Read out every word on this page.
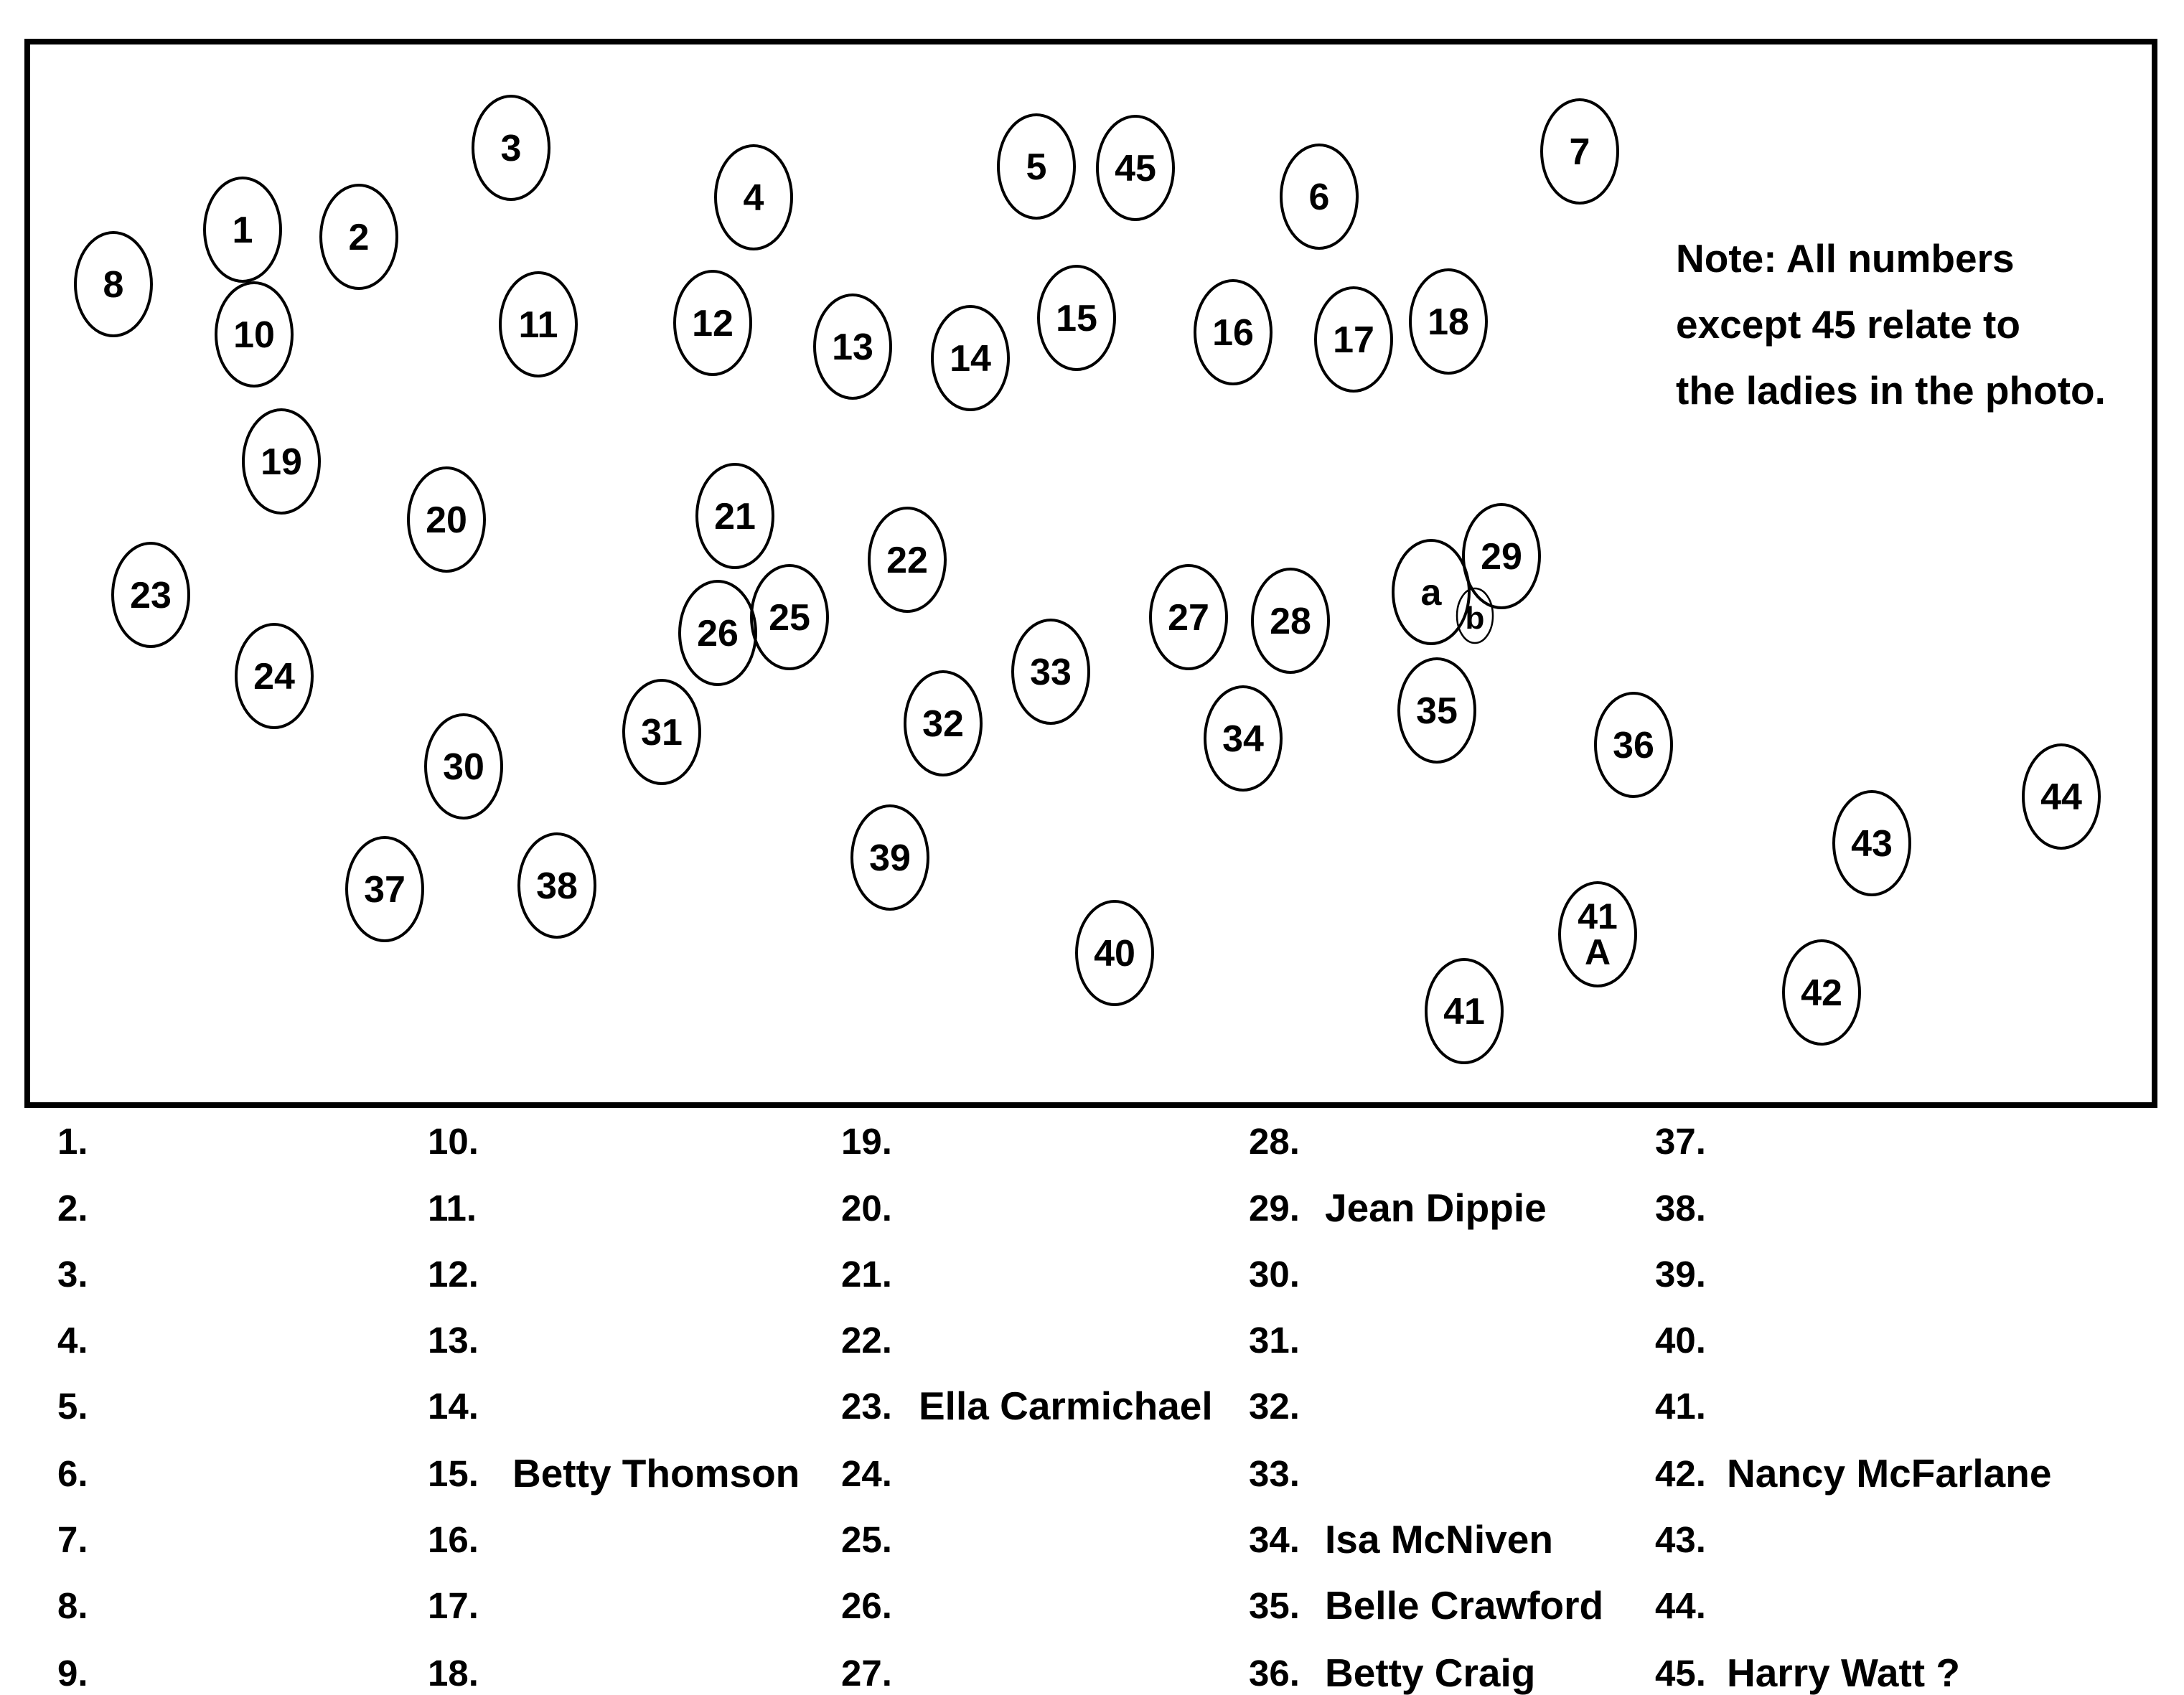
1	2
3
4
5 45
6
7
8
10	11	12
13 14
15	16 17 18
19
20	21
22
23
24
25
26	27 28
29
a
b
30
31	32
33
34
35
36
37	38
39
40
41
41 A
42
43
44
Note: All numbers
except 45 relate to
the ladies in the photo.
1.
2.
3.
4.
5.
6.
7.
8.
9.
10.
11.
12.
13.
14.
15. Betty Thomson
16.
17.
18.
19.
20.
21.
22.
23. Ella Carmichael
24.
25.
26.
27.
28.
29. Jean Dippie
30.
31.
32.
33.
34. Isa McNiven
35. Belle Crawford
36. Betty Craig
37.
38.
39.
40.
41.
42. Nancy McFarlane
43.
44.
45. Harry Watt ?
